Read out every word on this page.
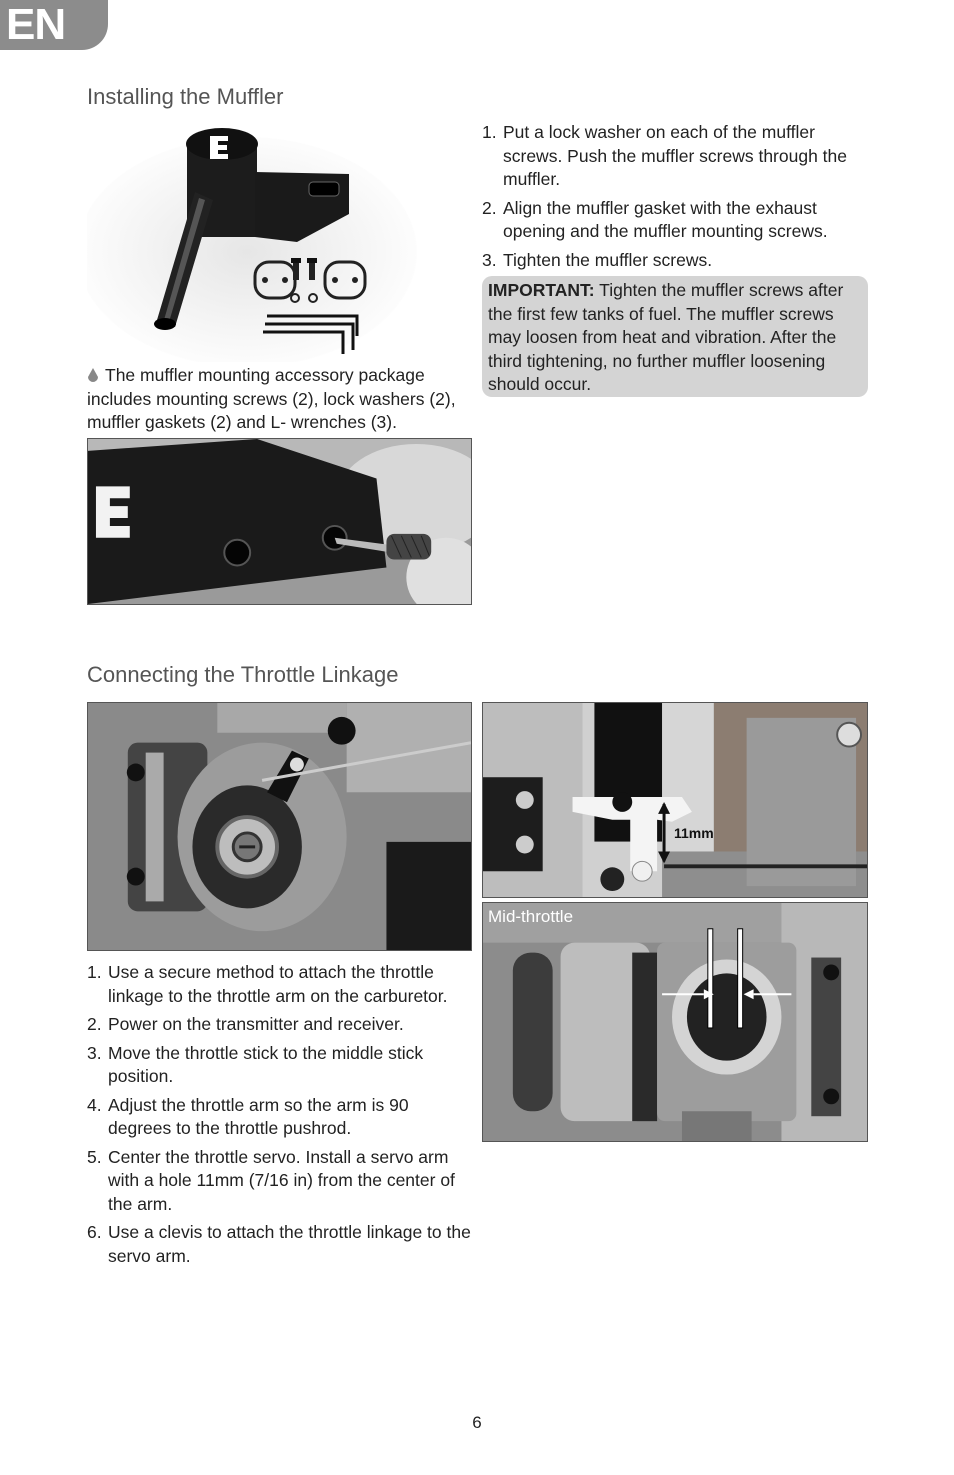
EN
Installing the Muffler

The muffler mounting accessory package includes mounting screws (2), lock washers (2), muffler gaskets (2) and L- wrenches (3).

1. Put a lock washer on each of the muffler screws. Push the muffler screws through the muffler.
2. Align the muffler gasket with the exhaust opening and the muffler mounting screws.
3. Tighten the muffler screws.
IMPORTANT: Tighten the muffler screws after the first few tanks of fuel. The muffler screws may loosen from heat and vibration. After the third tightening, no further muffler loosening should occur.
Connecting the Throttle Linkage
1. Use a secure method to attach the throttle linkage to the throttle arm on the carburetor.
2. Power on the transmitter and receiver.
3. Move the throttle stick to the middle stick position.
4. Adjust the throttle arm so the arm is 90 degrees to the throttle pushrod.
5. Center the throttle servo. Install a servo arm with a hole 11mm (7/16 in) from the center of the arm.
6. Use a clevis to attach the throttle linkage to the servo arm.
11mm
Mid-throttle
6
